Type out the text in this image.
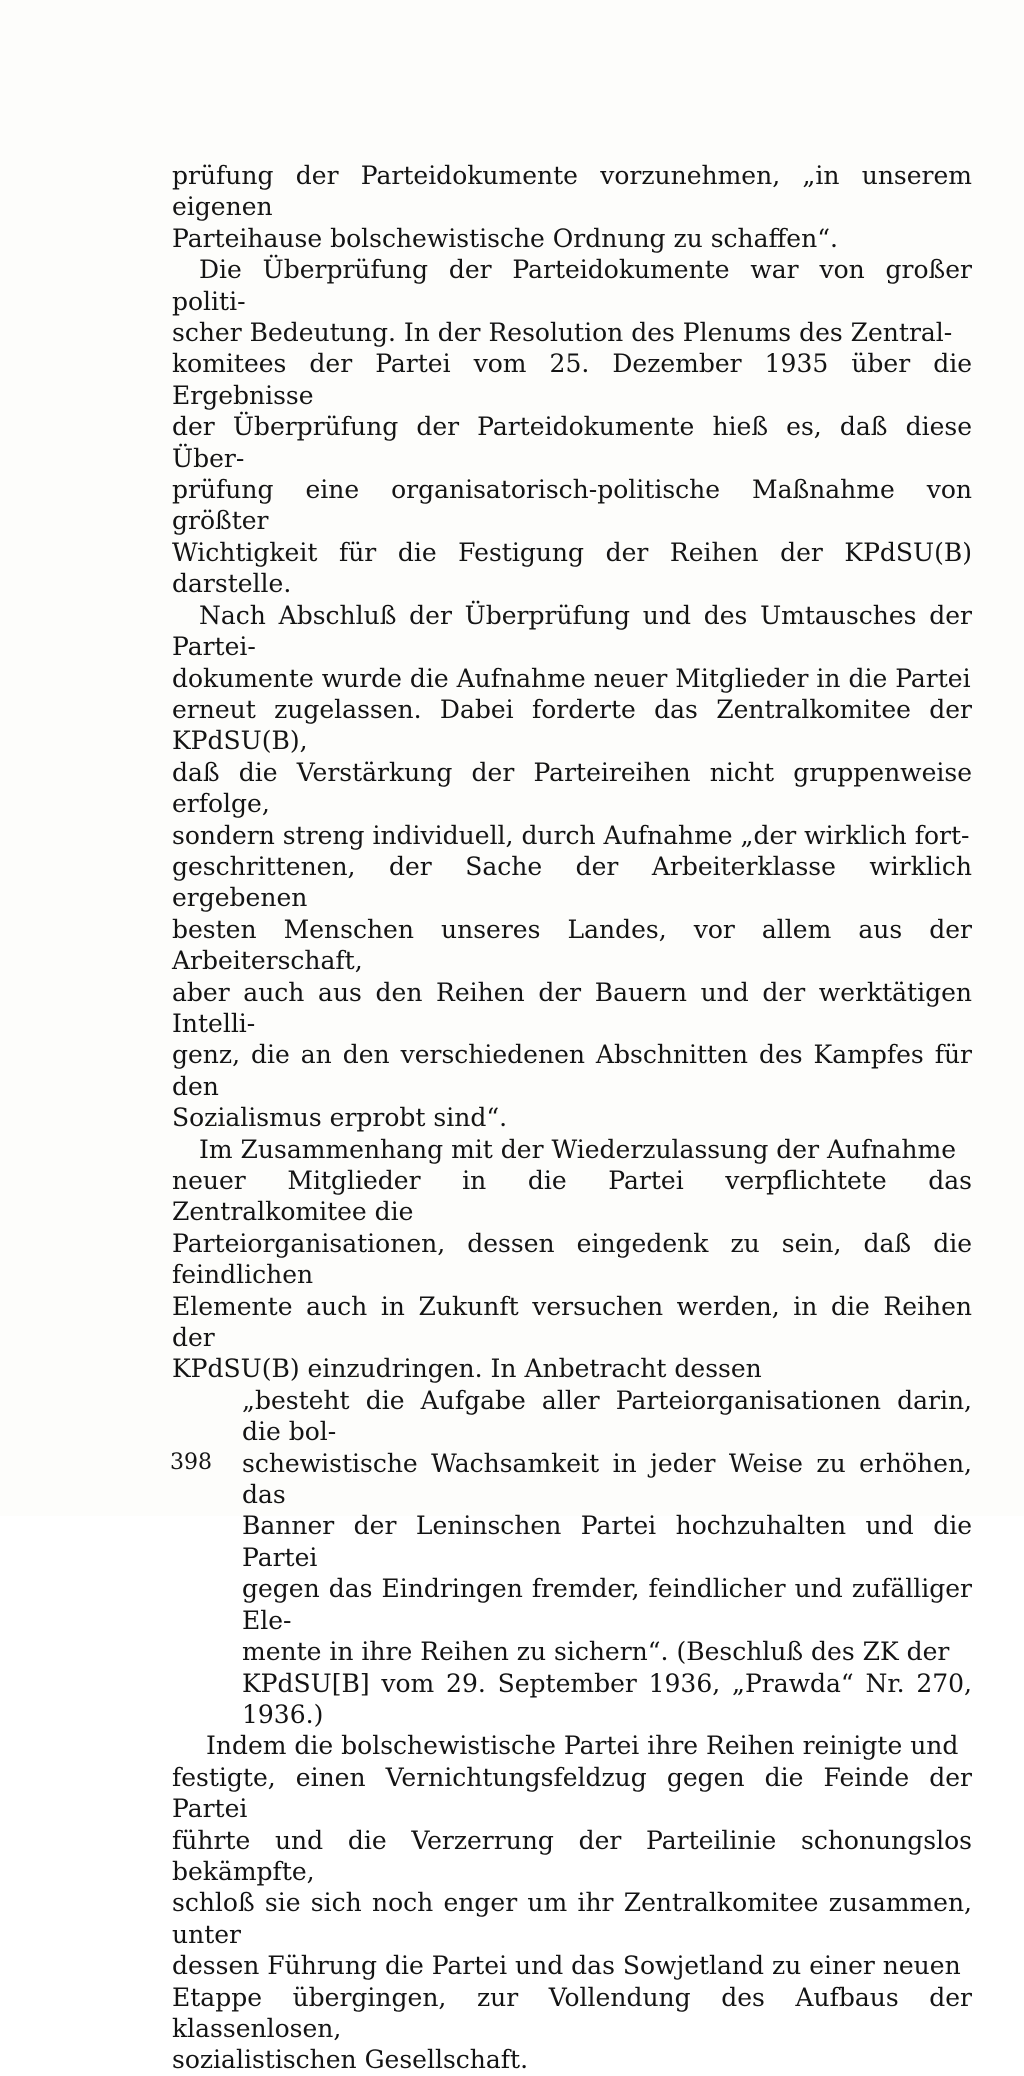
prüfung der Parteidokumente vorzunehmen, „in unserem eigenen
Parteihause bolschewistische Ordnung zu schaffen“.

Die Überprüfung der Parteidokumente war von großer politi-
scher Bedeutung. In der Resolution des Plenums des Zentral-
komitees der Partei vom 25. Dezember 1935 über die Ergebnisse
der Überprüfung der Parteidokumente hieß es, daß diese Über-
prüfung eine organisatorisch-politische Maßnahme von größter
Wichtigkeit für die Festigung der Reihen der KPdSU(B) darstelle.

Nach Abschluß der Überprüfung und des Umtausches der Partei-
dokumente wurde die Aufnahme neuer Mitglieder in die Partei
erneut zugelassen. Dabei forderte das Zentralkomitee der KPdSU(B),
daß die Verstärkung der Parteireihen nicht gruppenweise erfolge,
sondern streng individuell, durch Aufnahme „der wirklich fort-
geschrittenen, der Sache der Arbeiterklasse wirklich ergebenen
besten Menschen unseres Landes, vor allem aus der Arbeiterschaft,
aber auch aus den Reihen der Bauern und der werktätigen Intelli-
genz, die an den verschiedenen Abschnitten des Kampfes für den
Sozialismus erprobt sind“.

Im Zusammenhang mit der Wiederzulassung der Aufnahme
neuer Mitglieder in die Partei verpflichtete das Zentralkomitee die
Parteiorganisationen, dessen eingedenk zu sein, daß die feindlichen
Elemente auch in Zukunft versuchen werden, in die Reihen der
KPdSU(B) einzudringen. In Anbetracht dessen

„besteht die Aufgabe aller Parteiorganisationen darin, die bol-
schewistische Wachsamkeit in jeder Weise zu erhöhen, das
Banner der Leninschen Partei hochzuhalten und die Partei
gegen das Eindringen fremder, feindlicher und zufälliger Ele-
mente in ihre Reihen zu sichern“. (Beschluß des ZK der
KPdSU[B] vom 29. September 1936, „Prawda“ Nr. 270, 1936.)

Indem die bolschewistische Partei ihre Reihen reinigte und
festigte, einen Vernichtungsfeldzug gegen die Feinde der Partei
führte und die Verzerrung der Parteilinie schonungslos bekämpfte,
schloß sie sich noch enger um ihr Zentralkomitee zusammen, unter
dessen Führung die Partei und das Sowjetland zu einer neuen
Etappe übergingen, zur Vollendung des Aufbaus der klassenlosen,
sozialistischen Gesellschaft.

398
